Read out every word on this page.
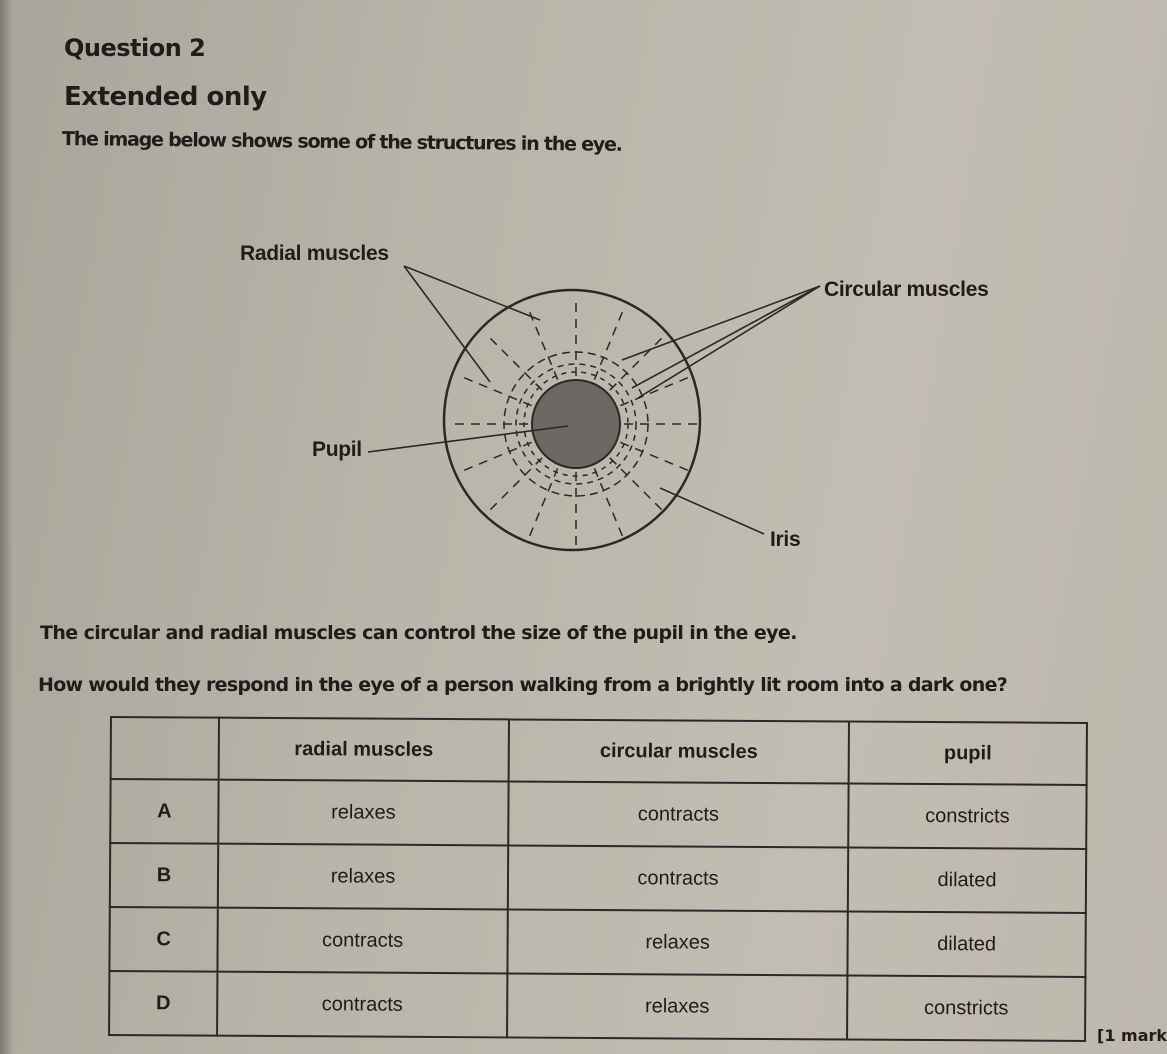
Question 2
Extended only
The image below shows some of the structures in the eye.
Radial muscles
Circular muscles
Pupil
Iris
The circular and radial muscles can control the size of the pupil in the eye.
How would they respond in the eye of a person walking from a brightly lit room into a dark one?
	radial muscles	circular muscles	pupil
A	relaxes	contracts	constricts
B	relaxes	contracts	dilated
C	contracts	relaxes	dilated
D	contracts	relaxes	constricts
[1 mark
